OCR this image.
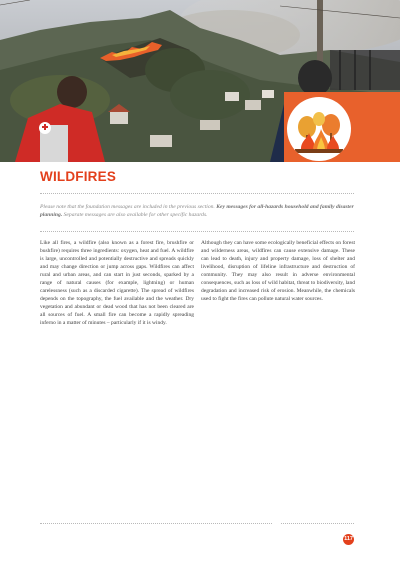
WILDFIRES
Please note that the foundation messages are included in the previous section. Key messages for all-hazards household and family disaster planning. Separate messages are also available for other specific hazards.
Like all fires, a wildfire (also known as a forest fire, brushfire or bushfire) requires three ingredients: oxygen, heat and fuel. A wildfire is large, uncontrolled and potentially destructive and spreads quickly and may change direction or jump across gaps. Wildfires can affect rural and urban areas, and can start in just seconds, sparked by a range of natural causes (for example, lightning) or human carelessness (such as a discarded cigarette). The spread of wildfires depends on the topography, the fuel available and the weather. Dry vegetation and abundant or dead wood that has not been cleared are all sources of fuel. A small fire can become a rapidly spreading inferno in a matter of minutes – particularly if it is windy.
Although they can have some ecologically beneficial effects on forest and wilderness areas, wildfires can cause extensive damage. These can lead to death, injury and property damage, loss of shelter and livelihood, disruption of lifeline infrastructure and destruction of community. They may also result in adverse environmental consequences, such as loss of wild habitat, threat to biodiversity, land degradation and increased risk of erosion. Meanwhile, the chemicals used to fight the fires can pollute natural water sources.
117
